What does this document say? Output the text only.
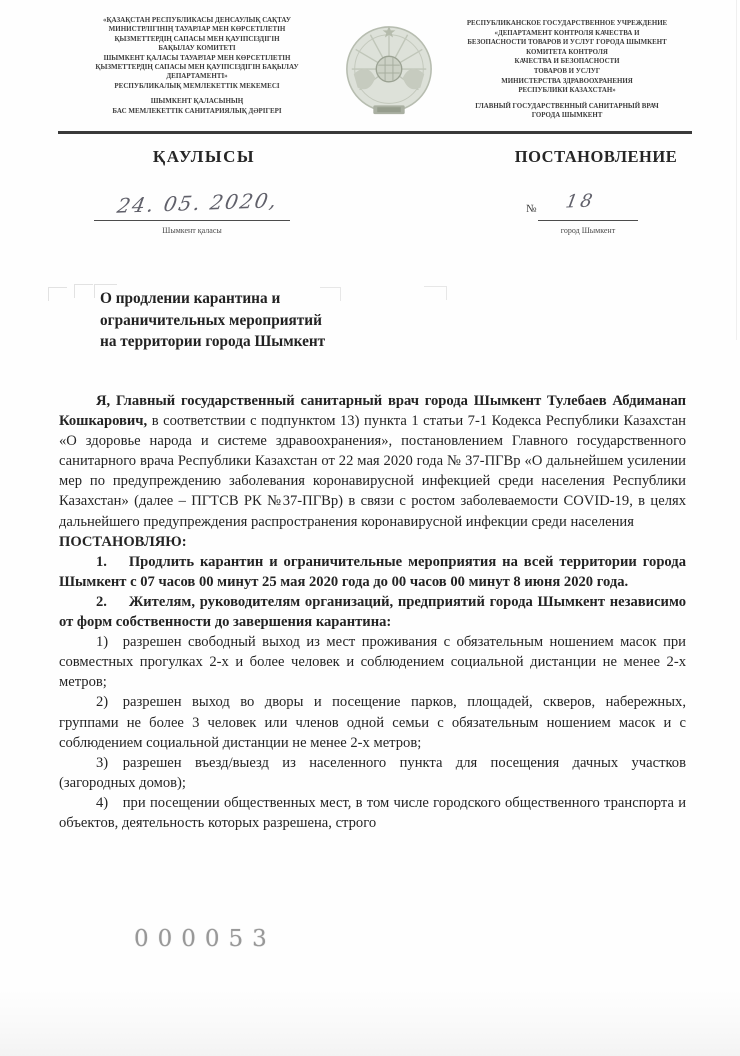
«ҚАЗАҚСТАН РЕСПУБЛИКАСЫ ДЕНСАУЛЫҚ САҚТАУ
МИНИСТРЛІГІНІҢ ТАУАРЛАР МЕН КӨРСЕТІЛЕТІН
ҚЫЗМЕТТЕРДІҢ САПАСЫ МЕН ҚАУІПСІЗДІГІН
БАҚЫЛАУ КОМИТЕТІ
ШЫМКЕНТ ҚАЛАСЫ ТАУАРЛАР МЕН КӨРСЕТІЛЕТІН
ҚЫЗМЕТТЕРДІҢ САПАСЫ МЕН ҚАУІПСІЗДІГІН БАҚЫЛАУ
ДЕПАРТАМЕНТІ»
РЕСПУБЛИКАЛЫҚ МЕМЛЕКЕТТІК МЕКЕМЕСІ
ШЫМКЕНТ ҚАЛАСЫНЫҢ
БАС МЕМЛЕКЕТТІК САНИТАРИЯЛЫҚ ДӘРІГЕРІ
РЕСПУБЛИКАНСКОЕ ГОСУДАРСТВЕННОЕ УЧРЕЖДЕНИЕ
«ДЕПАРТАМЕНТ КОНТРОЛЯ КАЧЕСТВА И
БЕЗОПАСНОСТИ ТОВАРОВ И УСЛУГ ГОРОДА ШЫМКЕНТ
КОМИТЕТА КОНТРОЛЯ
КАЧЕСТВА И БЕЗОПАСНОСТИ
ТОВАРОВ И УСЛУГ
МИНИСТЕРСТВА ЗДРАВООХРАНЕНИЯ
РЕСПУБЛИКИ КАЗАХСТАН»
ГЛАВНЫЙ ГОСУДАРСТВЕННЫЙ САНИТАРНЫЙ ВРАЧ
ГОРОДА ШЫМКЕНТ
ҚАУЛЫСЫ	ПОСТАНОВЛЕНИЕ
24. 05. 2020,
Шымкент қаласы
№ 18
город Шымкент
О продлении карантина и
ограничительных мероприятий
на территории города Шымкент

Я, Главный государственный санитарный врач города Шымкент Тулебаев Абдиманап Кошкарович, в соответствии с подпунктом 13) пункта 1 статьи 7-1 Кодекса Республики Казахстан «О здоровье народа и системе здравоохранения», постановлением Главного государственного санитарного врача Республики Казахстан от 22 мая 2020 года № 37-ПГВр «О дальнейшем усилении мер по предупреждению заболевания коронавирусной инфекцией среди населения Республики Казахстан» (далее – ПГТСВ РК №37-ПГВр) в связи с ростом заболеваемости COVID-19, в целях дальнейшего предупреждения распространения коронавирусной инфекции среди населения

ПОСТАНОВЛЯЮ:

1.  Продлить карантин и ограничительные мероприятия на всей территории города Шымкент с 07 часов 00 минут 25 мая 2020 года до 00 часов 00 минут 8 июня 2020 года.

2.  Жителям, руководителям организаций, предприятий города Шымкент независимо от форм собственности до завершения карантина:

1) разрешен свободный выход из мест проживания с обязательным ношением масок при совместных прогулках 2-х и более человек и соблюдением социальной дистанции не менее 2-х метров;

2) разрешен выход во дворы и посещение парков, площадей, скверов, набережных, группами не более 3 человек или членов одной семьи с обязательным ношением масок и с соблюдением социальной дистанции не менее 2-х метров;

3) разрешен въезд/выезд из населенного пункта для посещения дачных участков (загородных домов);

4) при посещении общественных мест, в том числе городского общественного транспорта и объектов, деятельность которых разрешена, строго

000053
